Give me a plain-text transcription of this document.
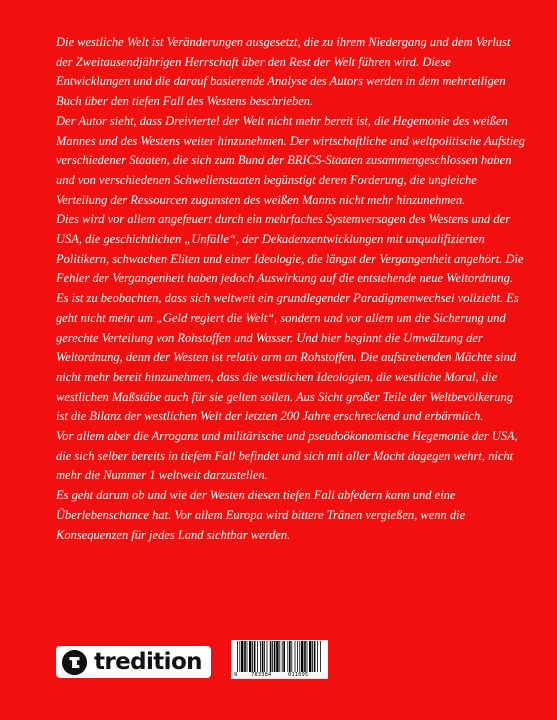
Die westliche Welt ist Veränderungen ausgesetzt, die zu ihrem Niedergang und dem Verlust der Zweitausendjährigen Herrschaft über den Rest der Welt führen wird. Diese Entwicklungen und die darauf basierende Analyse des Autors werden in dem mehrteiligen Buch über den tiefen Fall des Westens beschrieben.

Der Autor sieht, dass Dreiviertel der Welt nicht mehr bereit ist, die Hegemonie des weißen Mannes und des Westens weiter hinzunehmen. Der wirtschaftliche und weltpolitische Aufstieg verschiedener Staaten, die sich zum Bund der BRICS-Staaten zusammengeschlossen haben und von verschiedenen Schwellenstaaten begünstigt deren Forderung, die ungleiche Verteilung der Ressourcen zugunsten des weißen Manns nicht mehr hinzunehmen.

Dies wird vor allem angefeuert durch ein mehrfaches Systemversagen des Westens und der USA, die geschichtlichen „Unfälle“, der Dekadenzentwicklungen mit unqualifizierten Politikern, schwachen Eliten und einer Ideologie, die längst der Vergangenheit angehört. Die Fehler der Vergangenheit haben jedoch Auswirkung auf die entstehende neue Weltordnung.

Es ist zu beobachten, dass sich weltweit ein grundlegender Paradigmenwechsel vollzieht. Es geht nicht mehr um „Geld regiert die Welt“, sondern und vor allem um die Sicherung und gerechte Verteilung von Rohstoffen und Wasser. Und hier beginnt die Umwälzung der Weltordnung, denn der Westen ist relativ arm an Rohstoffen. Die aufstrebenden Mächte sind nicht mehr bereit hinzunehmen, dass die westlichen Ideologien, die westliche Moral, die westlichen Maßstäbe auch für sie gelten sollen. Aus Sicht großer Teile der Weltbevölkerung ist die Bilanz der westlichen Welt der letzten 200 Jahre erschreckend und erbärmlich.

Vor allem aber die Arroganz und militärische und pseudoökonomische Hegemonie der USA, die sich selber bereits in tiefem Fall befindet und sich mit aller Macht dagegen wehrt, nicht mehr die Nummer 1 weltweit darzustellen.

Es geht darum ob und wie der Westen diesen tiefen Fall abfedern kann und eine Überlebenschance hat. Vor allem Europa wird bittere Tränen vergießen, wenn die Konsequenzen für jedes Land sichtbar werden.

tredition
9 783384	011695
